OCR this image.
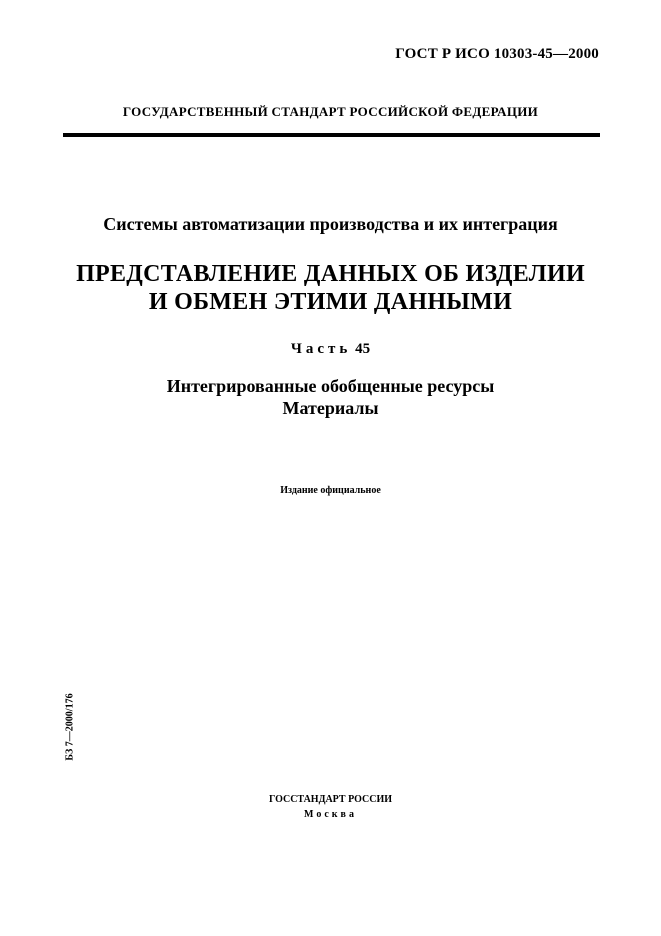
ГОСТ Р ИСО 10303-45—2000
ГОСУДАРСТВЕННЫЙ СТАНДАРТ РОССИЙСКОЙ ФЕДЕРАЦИИ
Системы автоматизации производства и их интеграция
ПРЕДСТАВЛЕНИЕ ДАННЫХ ОБ ИЗДЕЛИИ
И ОБМЕН ЭТИМИ ДАННЫМИ
Часть 45
Интегрированные обобщенные ресурсы
Материалы
Издание официальное
БЗ 7—2000/176
ГОССТАНДАРТ РОССИИ
Москва
